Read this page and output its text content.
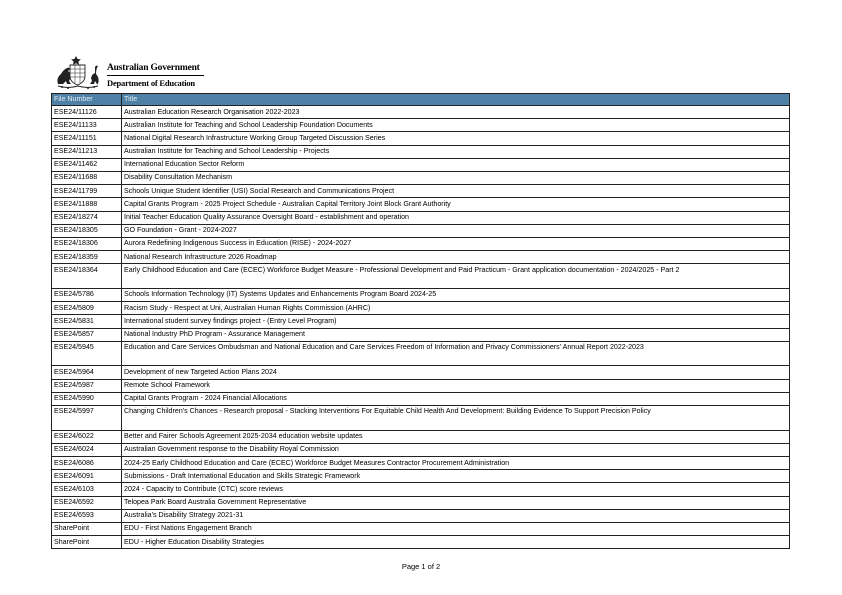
Australian Government
Department of Education
File Number	Title
ESE24/11126	Australian Education Research Organisation 2022-2023
ESE24/11133	Australian Institute for Teaching and School Leadership Foundation Documents
ESE24/11151	National Digital Research Infrastructure Working Group Targeted Discussion Series
ESE24/11213	Australian Institute for Teaching and School Leadership - Projects
ESE24/11462	International Education Sector Reform
ESE24/11688	Disability Consultation Mechanism
ESE24/11799	Schools Unique Student Identifier (USI) Social Research and Communications Project
ESE24/11888	Capital Grants Program - 2025 Project Schedule - Australian Capital Territory Joint Block Grant Authority
ESE24/18274	Initial Teacher Education Quality Assurance Oversight Board - establishment and operation
ESE24/18305	GO Foundation - Grant - 2024-2027
ESE24/18306	Aurora Redefining Indigenous Success in Education (RISE) - 2024-2027
ESE24/18359	National Research Infrastructure 2026 Roadmap
ESE24/18364	Early Childhood Education and Care (ECEC) Workforce Budget Measure - Professional Development and Paid Practicum - Grant application documentation - 2024/2025 - Part 2
ESE24/5786	Schools Information Technology (IT) Systems Updates and Enhancements Program Board 2024-25
ESE24/5809	Racism Study - Respect at Uni, Australian Human Rights Commission (AHRC)
ESE24/5831	International student survey findings project - (Entry Level Program)
ESE24/5857	National Industry PhD Program - Assurance Management
ESE24/5945	Education and Care Services Ombudsman and National Education and Care Services Freedom of Information and Privacy Commissioners' Annual Report 2022-2023
ESE24/5964	Development of new Targeted Action Plans 2024
ESE24/5987	Remote School Framework
ESE24/5990	Capital Grants Program - 2024 Financial Allocations
ESE24/5997	Changing Children's Chances - Research proposal - Stacking Interventions For Equitable Child Health And Development: Building Evidence To Support Precision Policy
ESE24/6022	Better and Fairer Schools Agreement 2025-2034 education website updates
ESE24/6024	Australian Government response to the Disability Royal Commission
ESE24/6086	2024-25 Early Childhood Education and Care (ECEC) Workforce Budget Measures Contractor Procurement Administration
ESE24/6091	Submissions - Draft International Education and Skills Strategic Framework
ESE24/6103	2024 - Capacity to Contribute (CTC) score reviews
ESE24/6592	Telopea Park Board Australia Government Representative
ESE24/6593	Australia's Disability Strategy 2021-31
SharePoint	EDU - First Nations Engagement Branch
SharePoint	EDU - Higher Education Disability Strategies
Page 1 of 2
